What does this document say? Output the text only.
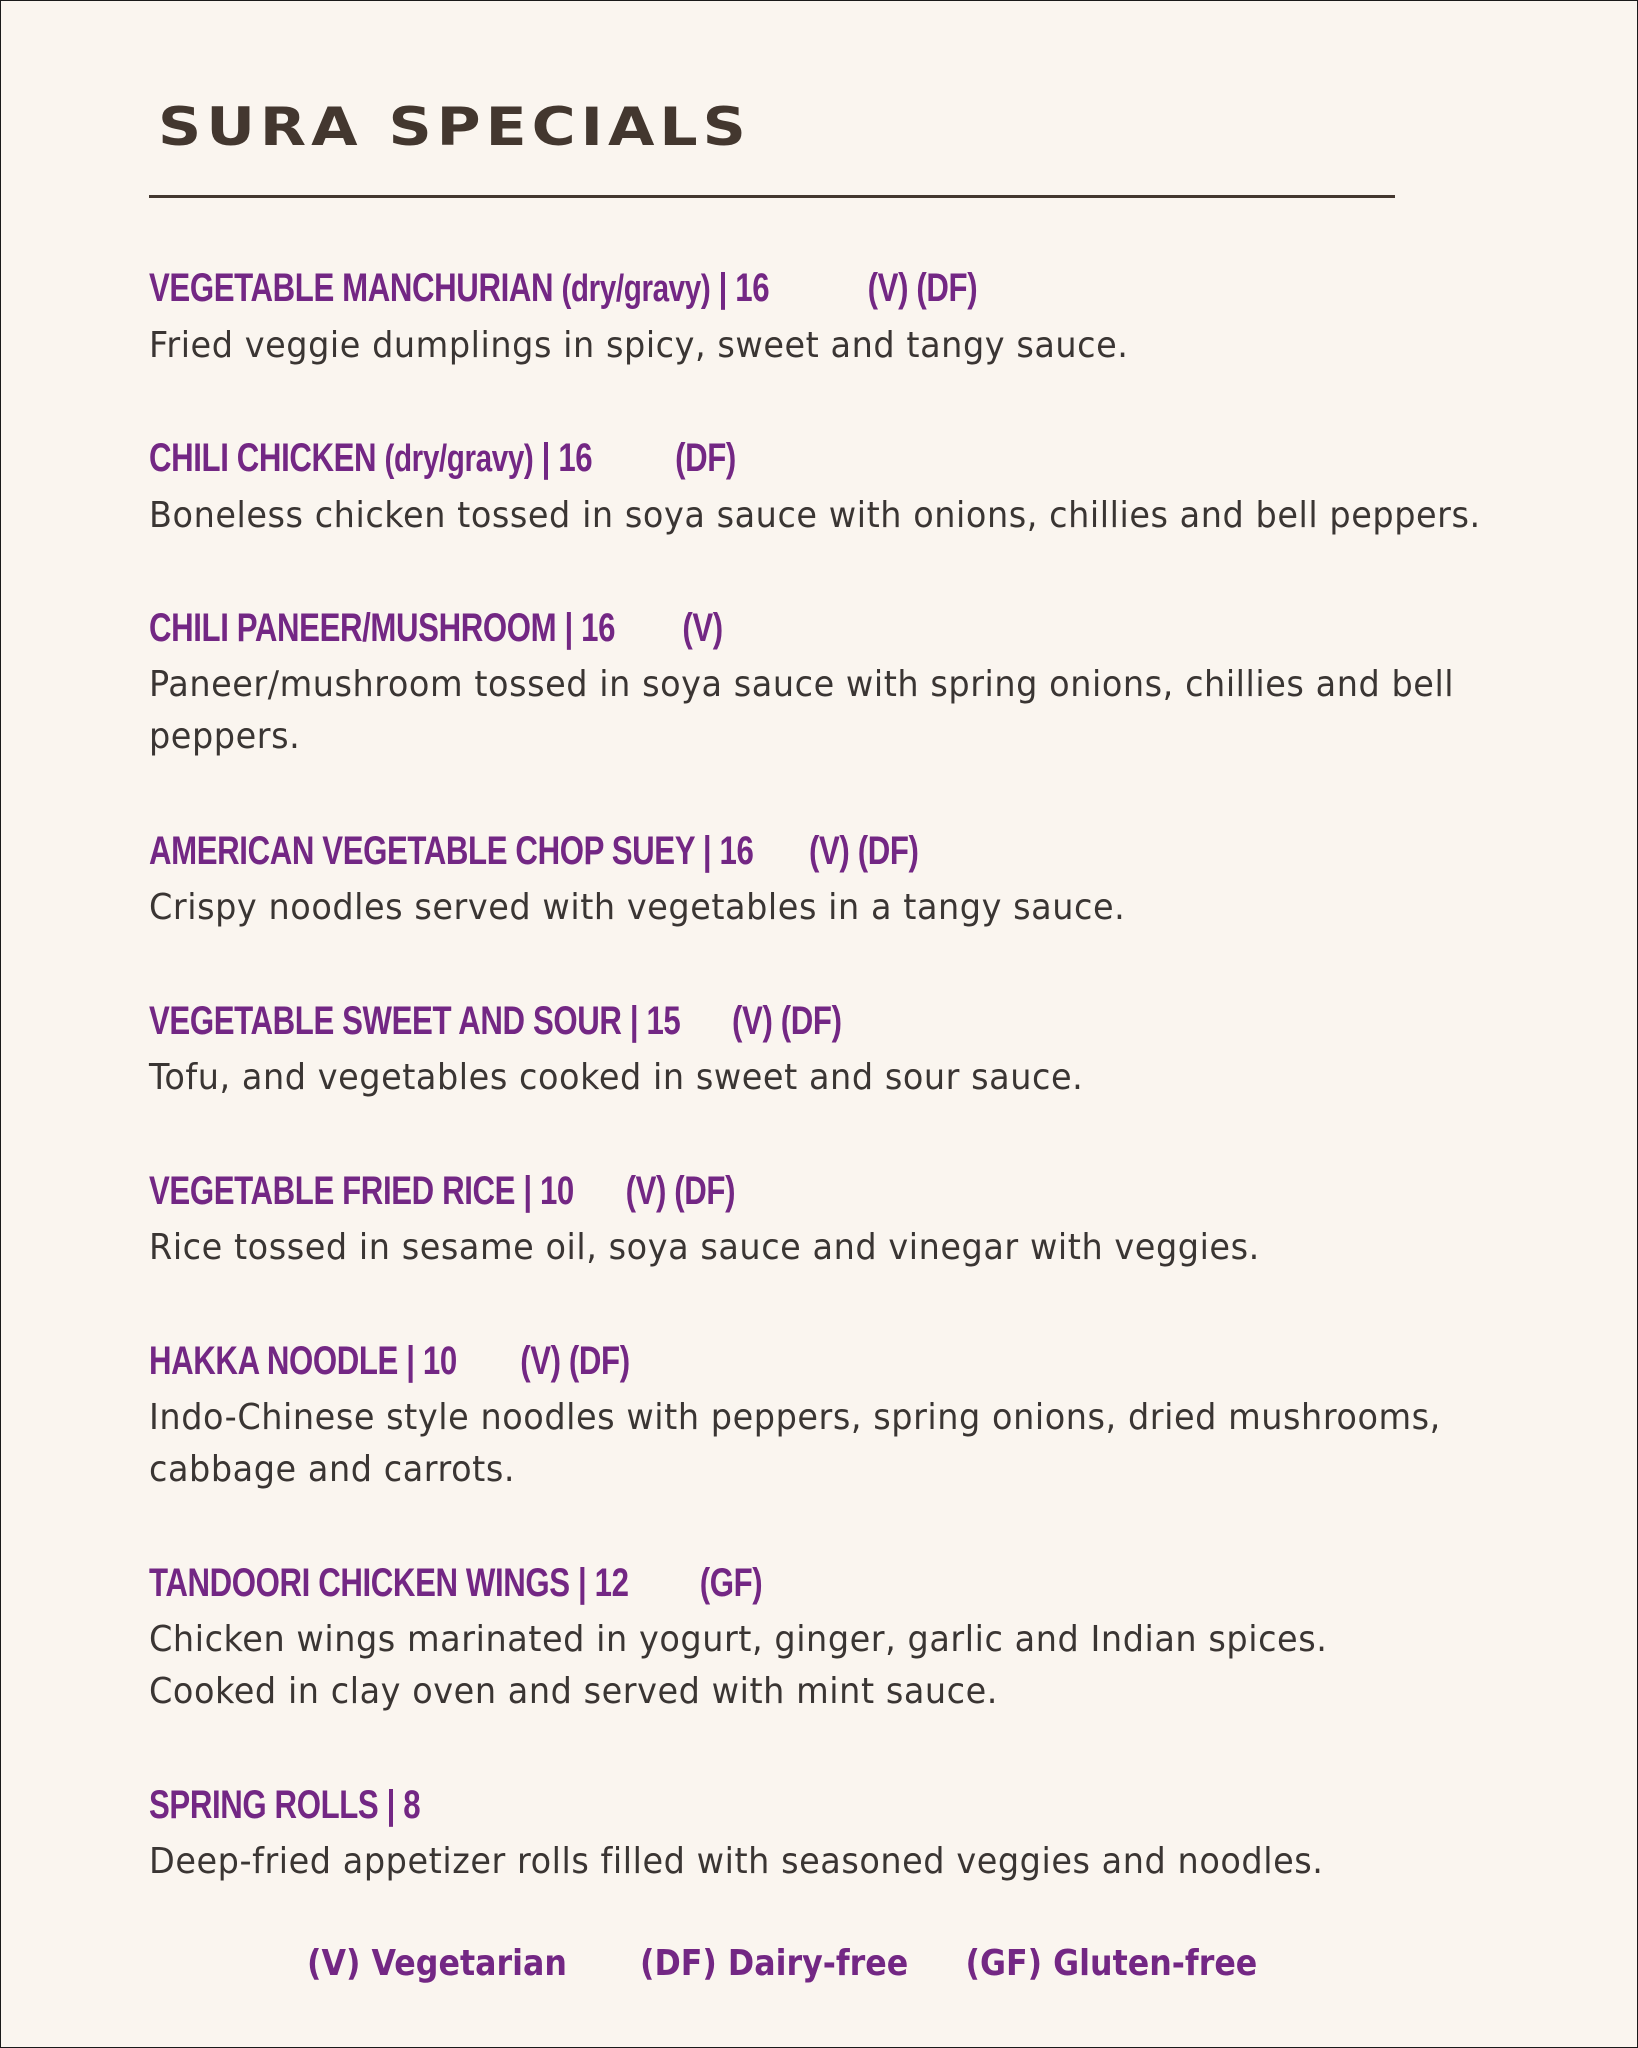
SURA SPECIALS
VEGETABLE MANCHURIAN (dry/gravy) | 16 (V) (DF)
Fried veggie dumplings in spicy, sweet and tangy sauce.
CHILI CHICKEN (dry/gravy) | 16 (DF)
Boneless chicken tossed in soya sauce with onions, chillies and bell peppers.
CHILI PANEER/MUSHROOM | 16 (V)
Paneer/mushroom tossed in soya sauce with spring onions, chillies and bell
peppers.
AMERICAN VEGETABLE CHOP SUEY | 16 (V) (DF)
Crispy noodles served with vegetables in a tangy sauce.
VEGETABLE SWEET AND SOUR | 15 (V) (DF)
Tofu, and vegetables cooked in sweet and sour sauce.
VEGETABLE FRIED RICE | 10 (V) (DF)
Rice tossed in sesame oil, soya sauce and vinegar with veggies.
HAKKA NOODLE | 10 (V) (DF)
Indo-Chinese style noodles with peppers, spring onions, dried mushrooms,
cabbage and carrots.
TANDOORI CHICKEN WINGS | 12 (GF)
Chicken wings marinated in yogurt, ginger, garlic and Indian spices.
Cooked in clay oven and served with mint sauce.
SPRING ROLLS | 8
Deep-fried appetizer rolls filled with seasoned veggies and noodles.
(V) Vegetarian (DF) Dairy-free (GF) Gluten-free
